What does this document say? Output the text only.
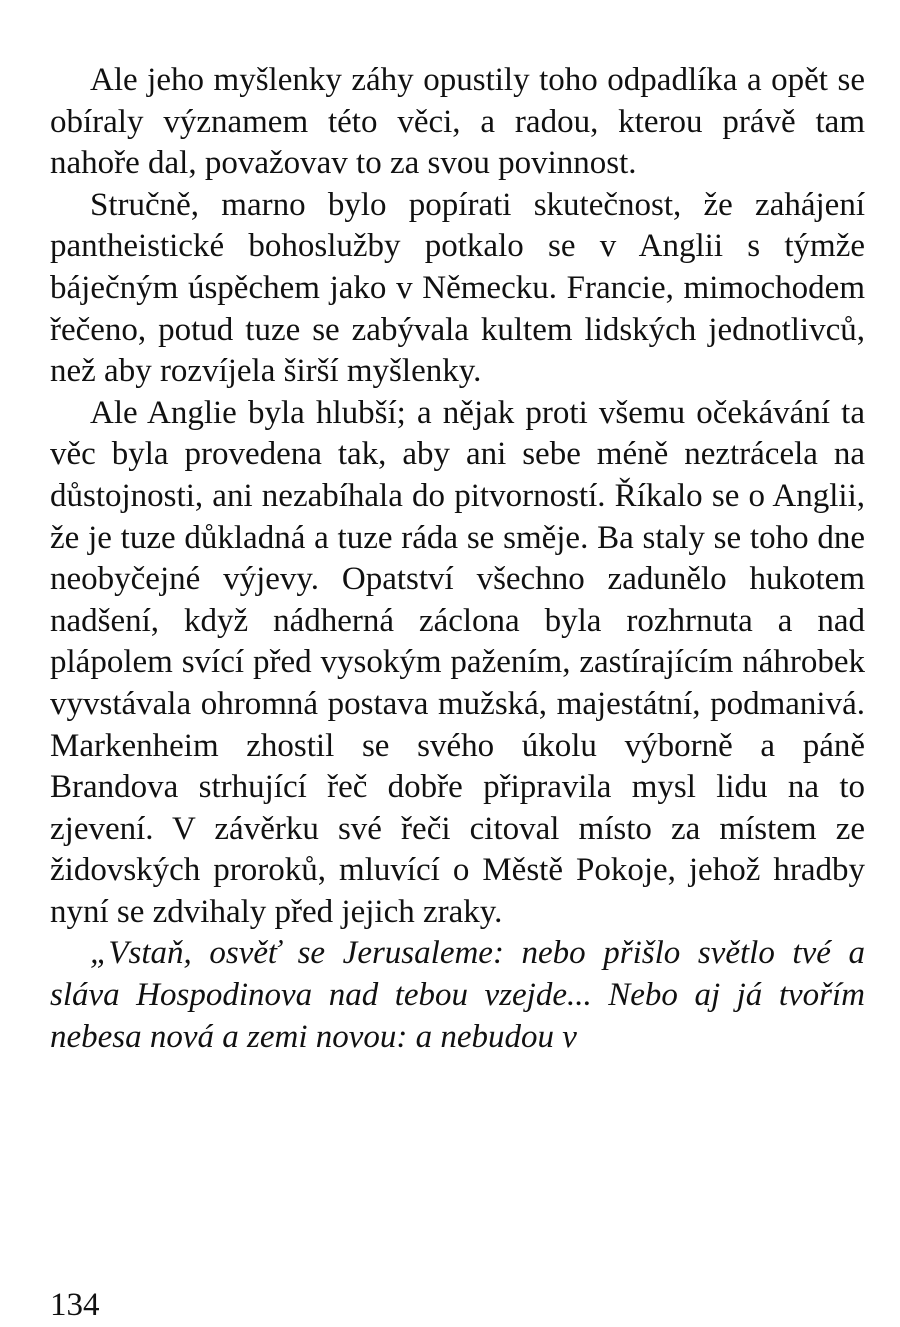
Ale jeho myšlenky záhy opustily toho odpadlíka a opět se obíraly významem této věci, a radou, kterou právě tam nahoře dal, považovav to za svou povinnost.

Stručně, marno bylo popírati skutečnost, že zahájení pantheistické bohoslužby potkalo se v Anglii s týmže báječným úspěchem jako v Německu. Francie, mimochodem řečeno, potud tuze se zabývala kultem lidských jednotlivců, než aby rozvíjela širší myšlenky.

Ale Anglie byla hlubší; a nějak proti všemu očekávání ta věc byla provedena tak, aby ani sebe méně neztrácela na důstojnosti, ani nezabíhala do pitvorností. Říkalo se o Anglii, že je tuze důkladná a tuze ráda se směje. Ba staly se toho dne neobyčejné výjevy. Opatství všechno zadunělo hukotem nadšení, když nádherná záclona byla rozhrnuta a nad plápolem svící před vysokým pažením, zastírajícím náhrobek vyvstávala ohromná postava mužská, majestátní, podmanivá. Markenheim zhostil se svého úkolu výborně a páně Brandova strhující řeč dobře připravila mysl lidu na to zjevení. V závěrku své řeči citoval místo za místem ze židovských proroků, mluvící o Městě Pokoje, jehož hradby nyní se zdvihaly před jejich zraky.

„Vstaň, osvěť se Jerusaleme: nebo přišlo světlo tvé a sláva Hospodinova nad tebou vzejde... Nebo aj já tvořím nebesa nová a zemi novou: a nebudou v

134
